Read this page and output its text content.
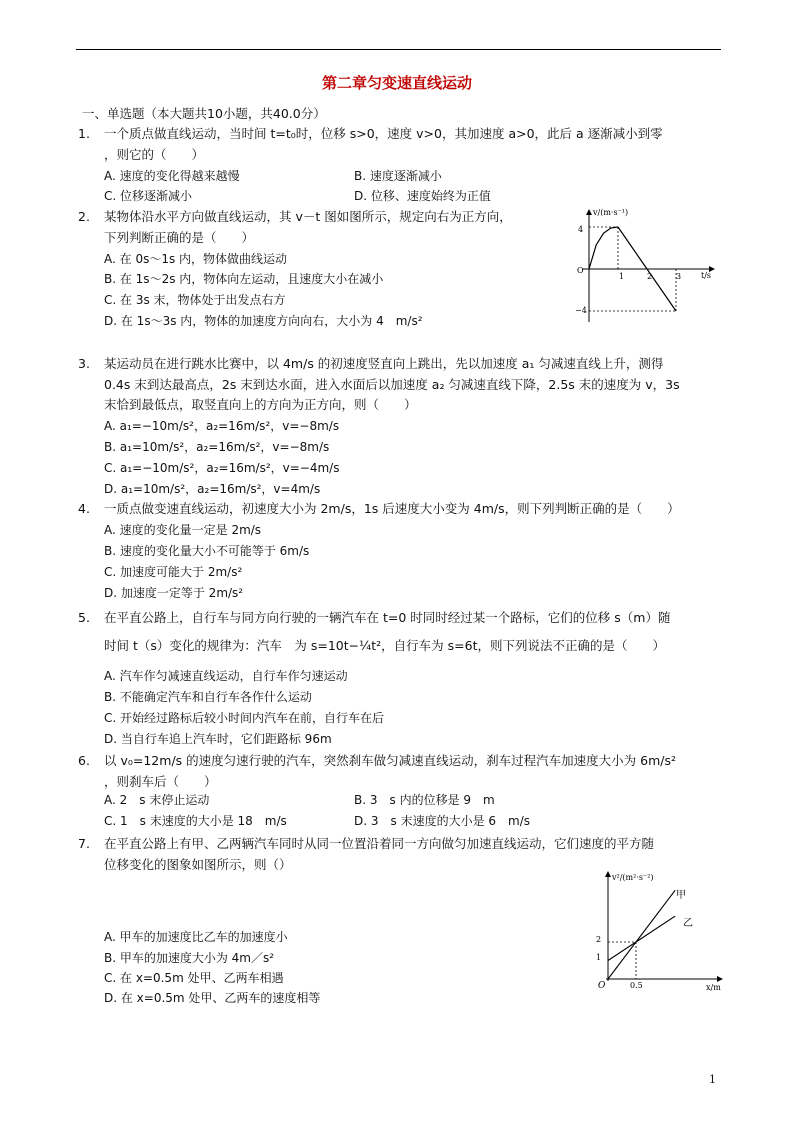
第二章匀变速直线运动
一、单选题（本大题共10小题，共40.0分）
1.	一个质点做直线运动，当时间 t=t₀时，位移 s>0，速度 v>0，其加速度 a>0，此后 a 逐渐减小到零
，则它的（　　）
A. 速度的变化得越来越慢	B. 速度逐渐减小
C. 位移逐渐减小	D. 位移、速度始终为正值
2.	某物体沿水平方向做直线运动，其 v－t 图如图所示，规定向右为正方向，
下列判断正确的是（　　）
A. 在 0s～1s 内，物体做曲线运动
B. 在 1s～2s 内，物体向左运动，且速度大小在减小
C. 在 3s 末，物体处于出发点右方
D. 在 1s～3s 内，物体的加速度方向向右，大小为 4　m/s²
v/(m·s⁻¹)
t/s
4
O
1	2	3
−4
3.	某运动员在进行跳水比赛中，以 4m/s 的初速度竖直向上跳出，先以加速度 a₁ 匀减速直线上升，测得
0.4s 末到达最高点，2s 末到达水面，进入水面后以加速度 a₂ 匀减速直线下降，2.5s 末的速度为 v，3s
末恰到最低点，取竖直向上的方向为正方向，则（　　）
A. a₁=−10m/s²，a₂=16m/s²，v=−8m/s
B. a₁=10m/s²，a₂=16m/s²，v=−8m/s
C. a₁=−10m/s²，a₂=16m/s²，v=−4m/s
D. a₁=10m/s²，a₂=16m/s²，v=4m/s
4.	一质点做变速直线运动，初速度大小为 2m/s，1s 后速度大小变为 4m/s，则下列判断正确的是（　　）
A. 速度的变化量一定是 2m/s
B. 速度的变化量大小不可能等于 6m/s
C. 加速度可能大于 2m/s²
D. 加速度一定等于 2m/s²
5.	在平直公路上，自行车与同方向行驶的一辆汽车在 t=0 时同时经过某一个路标，它们的位移 s（m）随
时间 t（s）变化的规律为：汽车　为 s=10t−¼t²，自行车为 s=6t，则下列说法不正确的是（　　）
A. 汽车作匀减速直线运动，自行车作匀速运动
B. 不能确定汽车和自行车各作什么运动
C. 开始经过路标后较小时间内汽车在前，自行车在后
D. 当自行车追上汽车时，它们距路标 96m
6.	以 v₀=12m/s 的速度匀速行驶的汽车，突然刹车做匀减速直线运动，刹车过程汽车加速度大小为 6m/s²
，则刹车后（　　）
A. 2　s 末停止运动	B. 3　s 内的位移是 9　m
C. 1　s 末速度的大小是 18　m/s	D. 3　s 末速度的大小是 6　m/s
7.	在平直公路上有甲、乙两辆汽车同时从同一位置沿着同一方向做匀加速直线运动，它们速度的平方随
位移变化的图象如图所示，则（）
A. 甲车的加速度比乙车的加速度小
B. 甲车的加速度大小为 4m／s²
C. 在 x=0.5m 处甲、乙两车相遇
D. 在 x=0.5m 处甲、乙两车的速度相等
v²/(m²·s⁻²)
x/m
甲
乙
2
1
O	0.5
1
